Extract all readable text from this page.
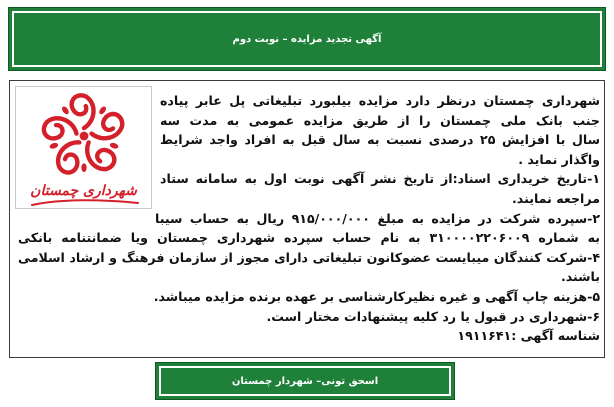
آگهی تجدید مزایده – نوبت دوم
شهرداری چمستان
شهرداری چمستان درنظر دارد مزایده بیلبورد تبلیغاتی پل عابر پیاده
جنب بانک ملی چمستان را از طریق مزایده عمومی به مدت سه
سال با افزایش ۲۵ درصدی نسبت به سال قبل به افراد واجد شرایط
واگذار نماید .
۱-تاریخ خریداری اسناد:از تاریخ نشر آگهی نوبت اول به سامانه ستاد
مراجعه نمایند.
۲-سپرده شرکت در مزایده به مبلغ ۹۱۵/۰۰۰/۰۰۰ ریال به حساب سیبا
به شماره ۳۱۰۰۰۰۲۲۰۶۰۰۹ به نام حساب سپرده شهرداری چمستان ویا ضمانتنامه بانکی
۴-شرکت کنندگان میبایست عضوکانون تبلیغاتی دارای مجوز از سازمان فرهنگ و ارشاد اسلامی
باشند.
۵-هزینه چاپ آگهی و غیره نظیرکارشناسی بر عهده برنده مزایده میباشد.
۶-شهرداری در قبول یا رد کلیه پیشنهادات مختار است.
شناسه آگهی :۱۹۱۱۶۴۱
اسحق تونی– شهردار چمستان
